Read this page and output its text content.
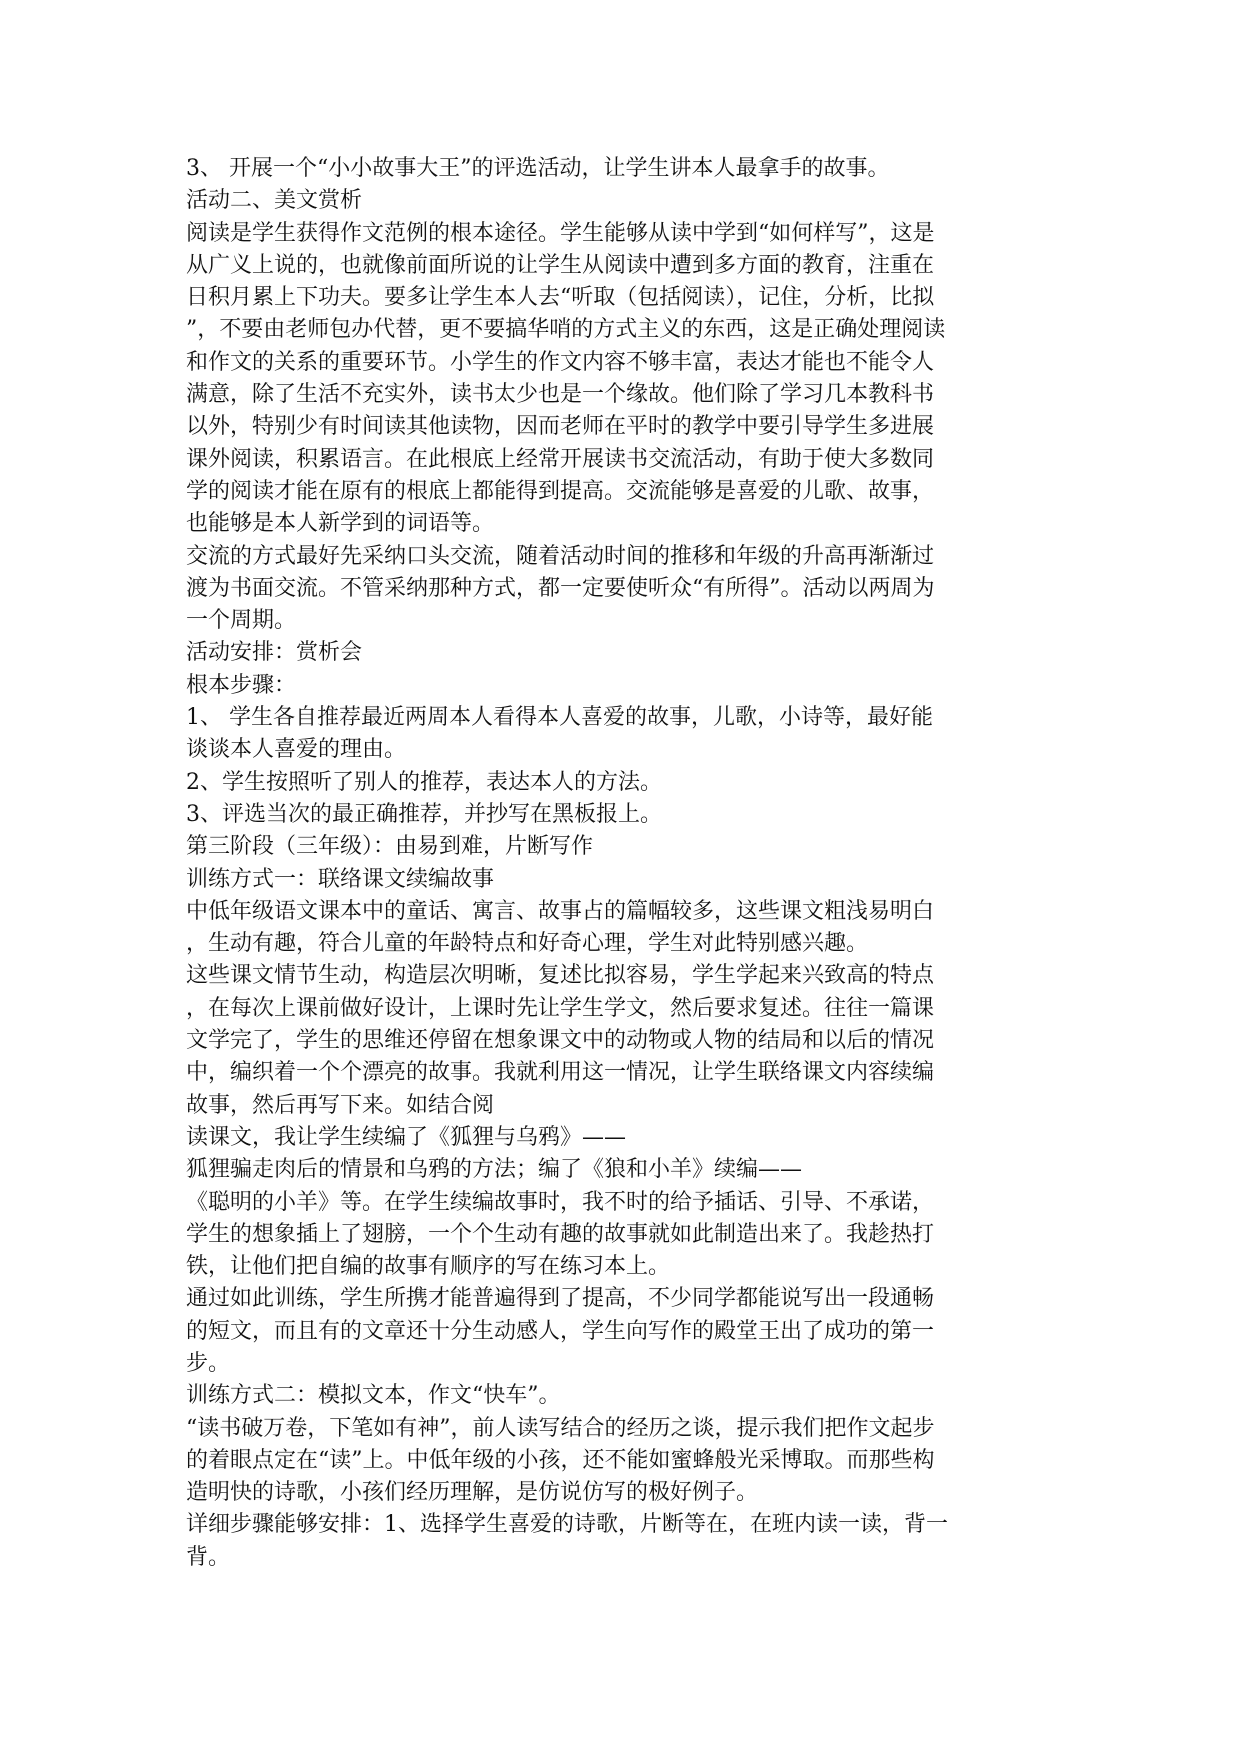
3、 开展一个“小小故事大王”的评选活动，让学生讲本人最拿手的故事。
活动二、美文赏析
阅读是学生获得作文范例的根本途径。学生能够从读中学到“如何样写”，这是
从广义上说的，也就像前面所说的让学生从阅读中遭到多方面的教育，注重在
日积月累上下功夫。要多让学生本人去“听取（包括阅读），记住，分析，比拟
”，不要由老师包办代替，更不要搞华哨的方式主义的东西，这是正确处理阅读
和作文的关系的重要环节。小学生的作文内容不够丰富，表达才能也不能令人
满意，除了生活不充实外，读书太少也是一个缘故。他们除了学习几本教科书
以外，特别少有时间读其他读物，因而老师在平时的教学中要引导学生多进展
课外阅读，积累语言。在此根底上经常开展读书交流活动，有助于使大多数同
学的阅读才能在原有的根底上都能得到提高。交流能够是喜爱的儿歌、故事，
也能够是本人新学到的词语等。
交流的方式最好先采纳口头交流，随着活动时间的推移和年级的升高再渐渐过
渡为书面交流。不管采纳那种方式，都一定要使听众“有所得”。活动以两周为
一个周期。
活动安排：赏析会
根本步骤：
1、 学生各自推荐最近两周本人看得本人喜爱的故事，儿歌，小诗等，最好能
谈谈本人喜爱的理由。
2、学生按照听了别人的推荐，表达本人的方法。
3、评选当次的最正确推荐，并抄写在黑板报上。
第三阶段（三年级）：由易到难，片断写作
训练方式一：联络课文续编故事
中低年级语文课本中的童话、寓言、故事占的篇幅较多，这些课文粗浅易明白
，生动有趣，符合儿童的年龄特点和好奇心理，学生对此特别感兴趣。
这些课文情节生动，构造层次明晰，复述比拟容易，学生学起来兴致高的特点
，在每次上课前做好设计，上课时先让学生学文，然后要求复述。往往一篇课
文学完了，学生的思维还停留在想象课文中的动物或人物的结局和以后的情况
中，编织着一个个漂亮的故事。我就利用这一情况，让学生联络课文内容续编
故事，然后再写下来。如结合阅
读课文，我让学生续编了《狐狸与乌鸦》——
狐狸骗走肉后的情景和乌鸦的方法；编了《狼和小羊》续编——
《聪明的小羊》等。在学生续编故事时，我不时的给予插话、引导、不承诺，
学生的想象插上了翅膀，一个个生动有趣的故事就如此制造出来了。我趁热打
铁，让他们把自编的故事有顺序的写在练习本上。
通过如此训练，学生所携才能普遍得到了提高，不少同学都能说写出一段通畅
的短文，而且有的文章还十分生动感人，学生向写作的殿堂王出了成功的第一
步。
训练方式二：模拟文本，作文“快车”。
“读书破万卷，下笔如有神”，前人读写结合的经历之谈，提示我们把作文起步
的着眼点定在“读”上。中低年级的小孩，还不能如蜜蜂般光采博取。而那些构
造明快的诗歌，小孩们经历理解，是仿说仿写的极好例子。
详细步骤能够安排：1、选择学生喜爱的诗歌，片断等在，在班内读一读，背一
背。
